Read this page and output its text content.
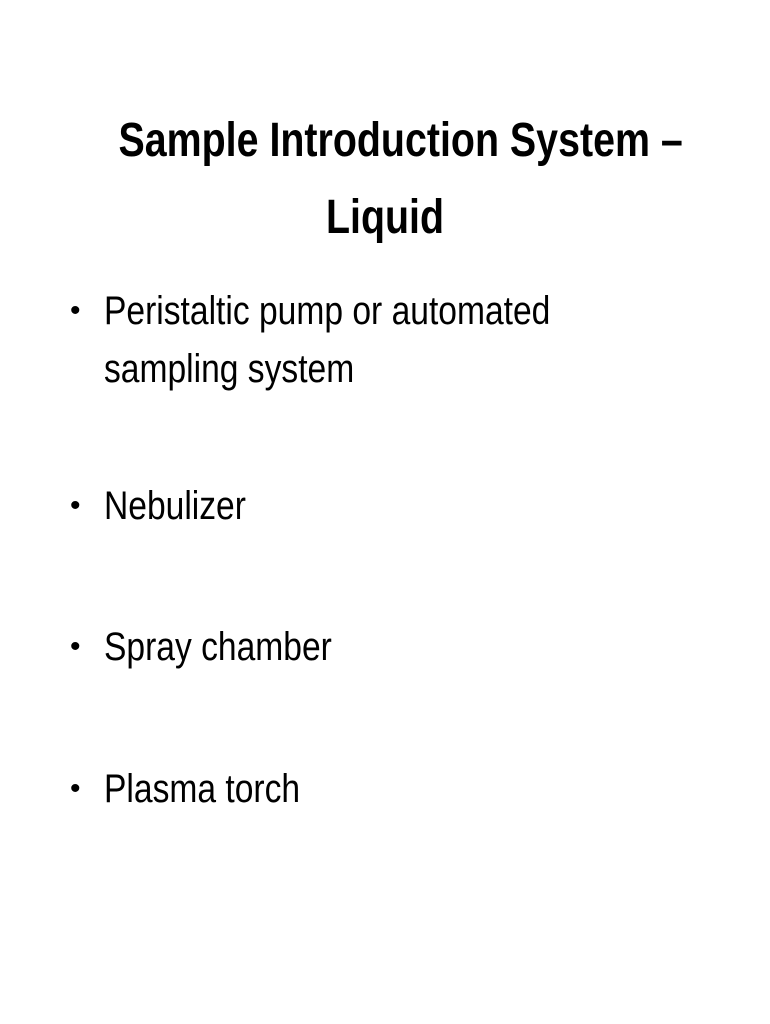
Sample Introduction System –
Liquid
• Peristaltic pump or automated sampling system
• Nebulizer
• Spray chamber
• Plasma torch
